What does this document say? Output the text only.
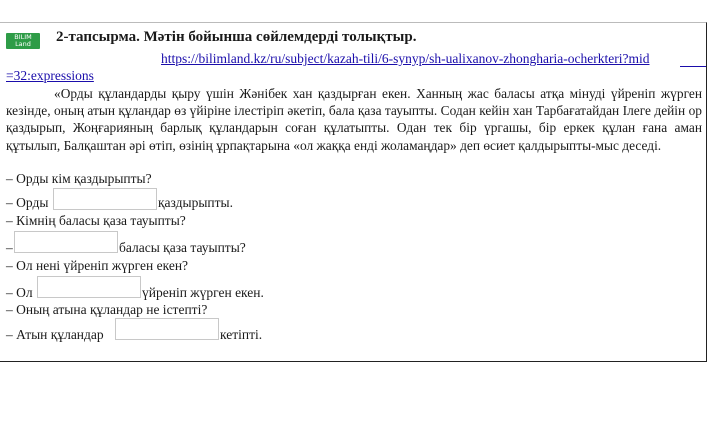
BILIM
Land	2-тапсырма. Мәтін бойынша сөйлемдерді толықтыр.
https://bilimland.kz/ru/subject/kazah-tili/6-synyp/sh-ualixanov-zhongharia-ocherkteri?mid
=32:expressions
«Орды құландарды қыру үшін Жәнібек хан қаздырған екен. Ханның жас баласы атқа мінуді үйреніп жүрген кезінде, оның атын құландар өз үйіріне ілестіріп әкетіп, бала қаза тауыпты. Содан кейін хан Тарбағатайдан Ілеге дейін ор қаздырып, Жоңғарияның барлық құландарын соған құлатыпты. Одан тек бір үргашы, бір еркек құлан ғана аман құтылып, Балқаштан әрі өтіп, өзінің ұрпақтарына «ол жаққа енді жоламаңдар» деп өсиет қалдырыпты-мыс деседі.
– Орды кім қаздырыпты?
– Орды	қаздырыпты.
– Кімнің баласы қаза тауыпты?
–	баласы қаза тауыпты?
– Ол нені үйреніп жүрген екен?
– Ол	үйреніп жүрген екен.
– Оның атына құландар не істепті?
– Атын құландар	кетіпті.
